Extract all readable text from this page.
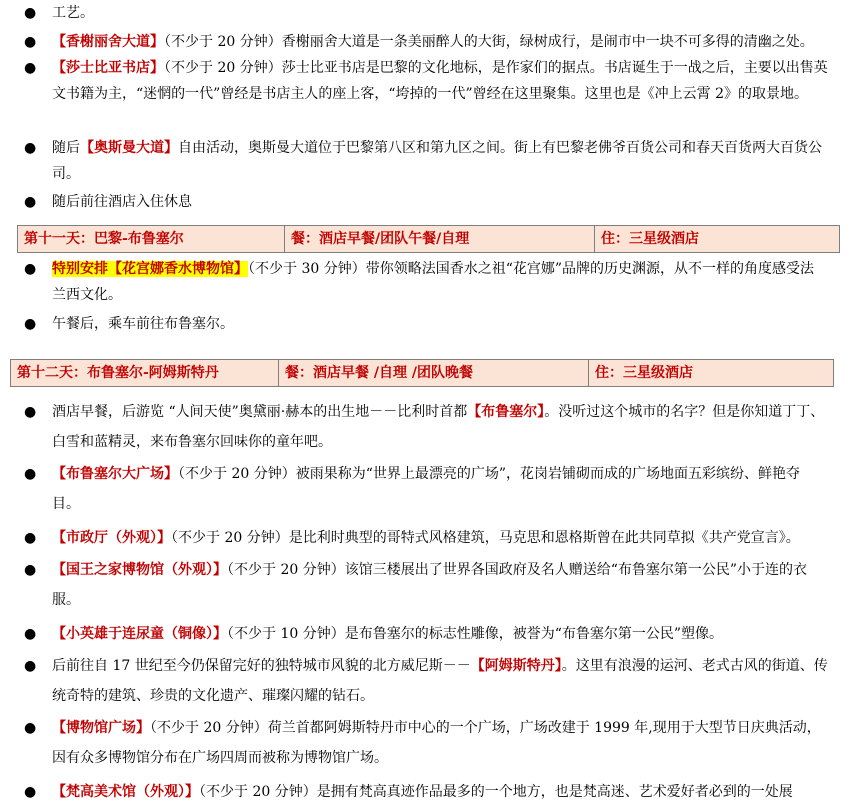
●	工艺。
●	【香榭丽舍大道】（不少于 20 分钟）香榭丽舍大道是一条美丽醉人的大街，绿树成行，是闹市中一块不可多得的清幽之处。
●	【莎士比亚书店】（不少于 20 分钟）莎士比亚书店是巴黎的文化地标，是作家们的据点。书店诞生于一战之后，主要以出售英文书籍为主，“迷惘的一代”曾经是书店主人的座上客，“垮掉的一代”曾经在这里聚集。这里也是《冲上云霄 2》的取景地。
●	随后【奥斯曼大道】自由活动，奥斯曼大道位于巴黎第八区和第九区之间。街上有巴黎老佛爷百货公司和春天百货两大百货公司。
●	随后前往酒店入住休息
第十一天：巴黎-布鲁塞尔	餐：酒店早餐/团队午餐/自理	住：三星级酒店
●	特别安排【花宫娜香水博物馆】（不少于 30 分钟）带你领略法国香水之祖“花宫娜”品牌的历史渊源，从不一样的角度感受法兰西文化。
●	午餐后，乘车前往布鲁塞尔。
第十二天：布鲁塞尔-阿姆斯特丹	餐：酒店早餐 /自理 /团队晚餐	住：三星级酒店
●	酒店早餐，后游览 “人间天使”奥黛丽·赫本的出生地－－比利时首都【布鲁塞尔】。没听过这个城市的名字？但是你知道丁丁、白雪和蓝精灵，来布鲁塞尔回味你的童年吧。
●	【布鲁塞尔大广场】（不少于 20 分钟）被雨果称为“世界上最漂亮的广场”，花岗岩铺砌而成的广场地面五彩缤纷、鲜艳夺目。
●	【市政厅（外观）】（不少于 20 分钟）是比利时典型的哥特式风格建筑，马克思和恩格斯曾在此共同草拟《共产党宣言》。
●	【国王之家博物馆（外观）】（不少于 20 分钟）该馆三楼展出了世界各国政府及名人赠送给“布鲁塞尔第一公民”小于连的衣服。
●	【小英雄于连尿童（铜像）】（不少于 10 分钟）是布鲁塞尔的标志性雕像，被誉为“布鲁塞尔第一公民”塑像。
●	后前往自 17 世纪至今仍保留完好的独特城市风貌的北方威尼斯－－【阿姆斯特丹】。这里有浪漫的运河、老式古风的街道、传统奇特的建筑、珍贵的文化遗产、璀璨闪耀的钻石。
●	【博物馆广场】（不少于 20 分钟）荷兰首都阿姆斯特丹市中心的一个广场，广场改建于 1999 年,现用于大型节日庆典活动，因有众多博物馆分布在广场四周而被称为博物馆广场。
●	【梵高美术馆（外观）】（不少于 20 分钟）是拥有梵高真迹作品最多的一个地方，也是梵高迷、艺术爱好者必到的一处展
